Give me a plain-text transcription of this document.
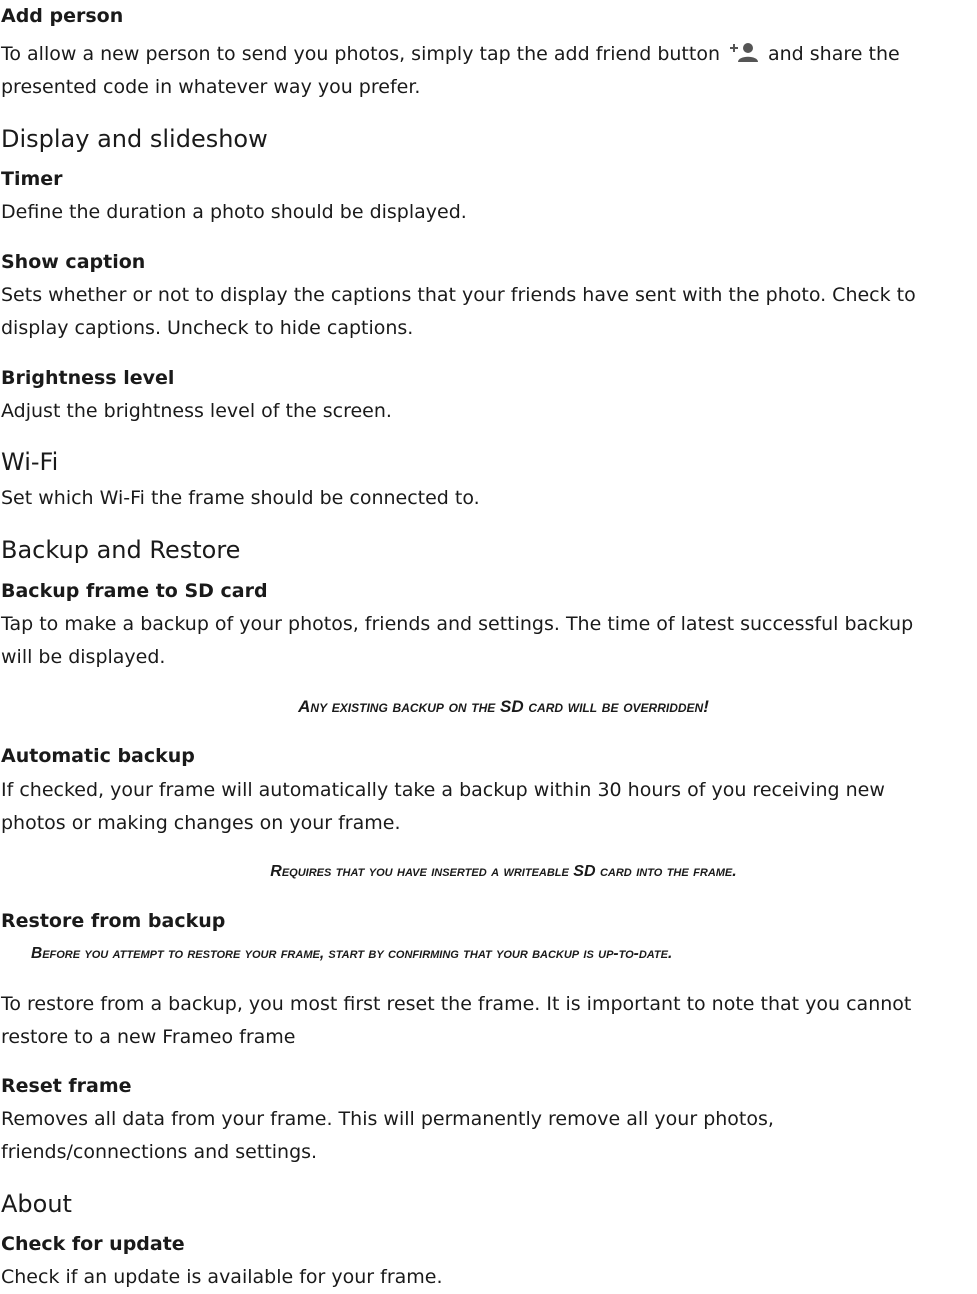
Add person

To allow a new person to send you photos, simply tap the add friend button	and share the

presented code in whatever way you prefer.

Display and slideshow
Timer

Define the duration a photo should be displayed.

Show caption

Sets whether or not to display the captions that your friends have sent with the photo. Check to

display captions. Uncheck to hide captions.

Brightness level

Adjust the brightness level of the screen.

Wi-Fi

Set which Wi-Fi the frame should be connected to.

Backup and Restore
Backup frame to SD card

Tap to make a backup of your photos, friends and settings. The time of latest successful backup

will be displayed.

Any existing backup on the SD card will be overridden!

Automatic backup

If checked, your frame will automatically take a backup within 30 hours of you receiving new

photos or making changes on your frame.

Requires that you have inserted a writeable SD card into the frame.

Restore from backup

Before you attempt to restore your frame, start by confirming that your backup is up-to-date.

To restore from a backup, you most first reset the frame. It is important to note that you cannot

restore to a new Frameo frame

Reset frame

Removes all data from your frame. This will permanently remove all your photos,

friends/connections and settings.

About
Check for update

Check if an update is available for your frame.
